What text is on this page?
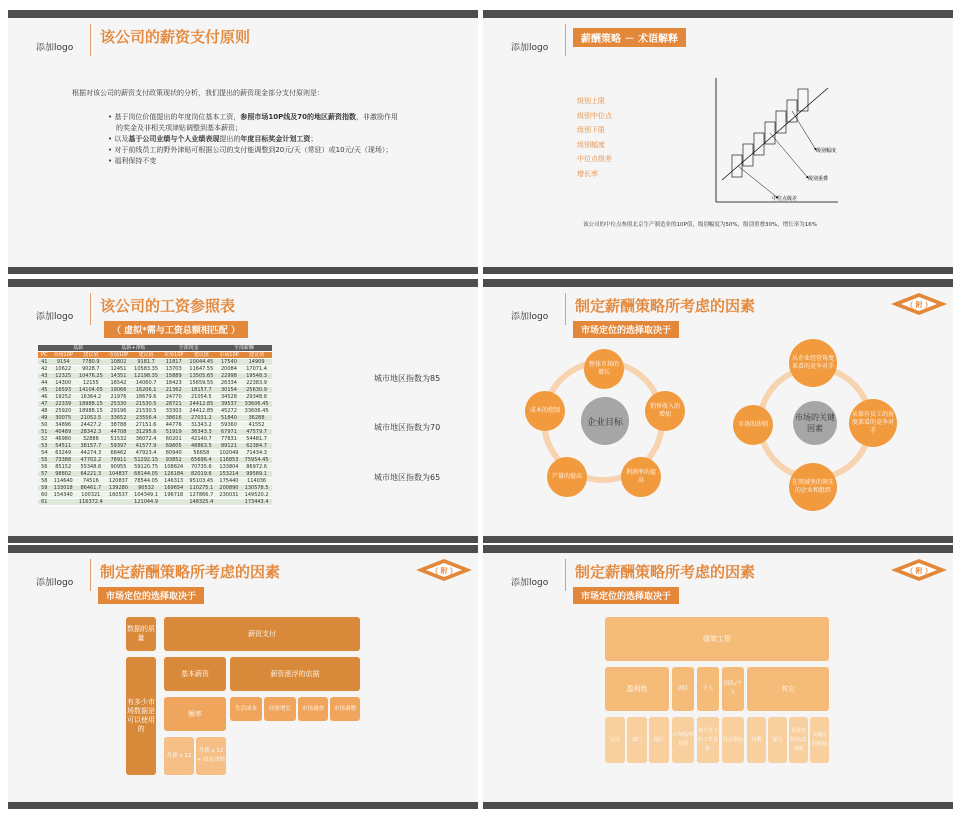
添加logo
该公司的薪资支付原则
根据对该公司的薪资支付政策现状的分析，我们提出的薪资现金部分支付原则是：
• 基于岗位价值提出的年度岗位基本工资，参照市场10P线及70的地区薪资指数，非激励作用
的奖金及非相关项津贴调整到基本薪资；
• 以及基于公司业绩与个人业绩表现提出的年度目标奖金计划工资；
• 对于前线员工的野外津贴可根据公司的支付能调整到20元/天（常驻）或10元/天（现场）；
• 福利保持不变
添加logo
薪酬策略 － 术语解释
级别上限
级别中位点
级别下限
级别幅度
中位点级差
增长率
级别幅度
级别重叠
中位点级差
该公司的中位点参照北京生产制造业的10P值，级别幅度为50%，级别重叠30%，增长率为16%
添加logo
该公司的工资参照表
（ 虚拟*需与工资总额相匹配 ）
	基薪		基薪+津贴		全部现金		全部薪酬	
PC	市场10P	建议值	市场10P	建议值	市场10P	建议值	市场10P	建议值
41	9154	7780.9	10802	9181.7	11817	10044.45	17540	14909
42	10622	9028.7	12451	10583.35	13703	11647.55	20084	17071.4
43	12325	10476.25	14351	12198.35	15889	13505.65	22998	19548.3
44	14300	12155	16542	14060.7	18423	15659.55	26334	22383.9
45	16593	14104.05	19066	16206.1	21362	18157.7	30154	25630.9
46	19252	16364.2	21976	18679.6	24770	21054.5	34528	29348.8
47	22339	18988.15	25330	21530.5	28721	24412.85	39537	33606.45
48	25920	18988.15	29196	21530.5	33303	24412.85	45272	33606.45
49	30075	21052.5	33652	23556.4	38616	27031.2	51840	36288
50	34896	24427.2	38788	27151.6	44776	31343.2	59360	41552
51	40489	28342.3	44708	31295.6	51919	36343.3	67971	47579.7
52	46980	32886	51532	36072.4	60201	42140.7	77831	54481.7
53	54511	38157.7	59397	41577.9	69805	48863.5	89121	62384.7
54	63249	44274.3	68462	47923.4	80940	56658	102049	71434.3
55	73388	47702.2	78911	51292.15	93852	65696.4	116853	75954.45
56	85152	55348.8	90955	59120.75	108824	70735.6	133804	86972.6
57	98802	64221.3	104837	68144.05	126184	82019.6	153214	99589.1
58	114640	74516	120837	78544.05	146313	95103.45	175440	114036
59	133018	86461.7	139280	90532	169654	110275.1	200890	130578.5
60	154340	100321	160537	104349.1	196718	127866.7	230031	149520.2
61		116372.4		121044.9		148325.4		173443.4
城市地区指数为85
城市地区指数为70
城市地区指数为65
添加logo
制定薪酬策略所考虑的因素
市场定位的选择取决于
（ 附 ）
企业目标
整体市场的增长
销售收入的增加
利润率的提高
产量的提高
成本的控制
市场的关键因素
从企业经营角度来看的竞争对手
从保有员工的角度来看的竞争对手
在领域里的领先的企业和组织
市场的法则
添加logo
制定薪酬策略所考虑的因素
市场定位的选择取决于
（ 附 ）
数据的质量
薪资支付
有多少市场数据是可以使用的
基本薪资	薪资涨浮的依据
频率
生活成本	经验增长	市场调查	市场调整
月薪 x 12
月薪 x 12 + 固定津贴
添加logo
制定薪酬策略所考虑的因素
市场定位的选择取决于
（ 附 ）
绩效工资
盈利性	团队	个人
团队/个人
其它
公司	部门	地区
工作组/项目组
每个员工的工作目标
综合指标	招聘	保有
项目的效应/忠诚度
关键点的奖励
